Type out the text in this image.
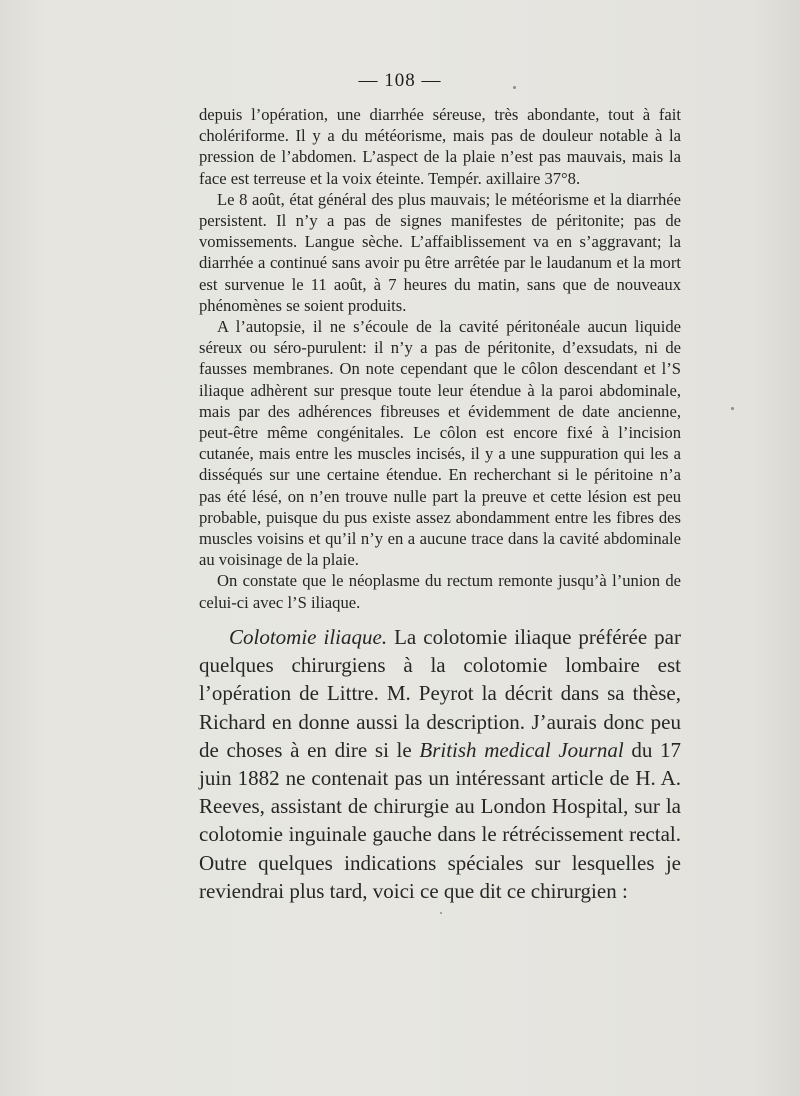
— 108 —

depuis l’opération, une diarrhée séreuse, très abondante, tout à fait cholériforme. Il y a du météorisme, mais pas de douleur notable à la pression de l’abdomen. L’aspect de la plaie n’est pas mauvais, mais la face est terreuse et la voix éteinte. Tempér. axillaire 37°8.

Le 8 août, état général des plus mauvais; le météorisme et la diarrhée persistent. Il n’y a pas de signes manifestes de péritonite; pas de vomissements. Langue sèche. L’affaiblissement va en s’aggravant; la diarrhée a continué sans avoir pu être arrêtée par le laudanum et la mort est survenue le 11 août, à 7 heures du matin, sans que de nouveaux phénomènes se soient produits.

A l’autopsie, il ne s’écoule de la cavité péritonéale aucun liquide séreux ou séro-purulent: il n’y a pas de péritonite, d’exsudats, ni de fausses membranes. On note cependant que le côlon descendant et l’S iliaque adhèrent sur presque toute leur étendue à la paroi abdominale, mais par des adhérences fibreuses et évidemment de date ancienne, peut-être même congénitales. Le côlon est encore fixé à l’incision cutanée, mais entre les muscles incisés, il y a une suppuration qui les a disséqués sur une certaine étendue. En recherchant si le péritoine n’a pas été lésé, on n’en trouve nulle part la preuve et cette lésion est peu probable, puisque du pus existe assez abondamment entre les fibres des muscles voisins et qu’il n’y en a aucune trace dans la cavité abdominale au voisinage de la plaie.

On constate que le néoplasme du rectum remonte jusqu’à l’union de celui-ci avec l’S iliaque.

Colotomie iliaque. La colotomie iliaque préférée par quelques chirurgiens à la colotomie lombaire est l’opération de Littre. M. Peyrot la décrit dans sa thèse, Richard en donne aussi la description. J’aurais donc peu de choses à en dire si le British medical Journal du 17 juin 1882 ne contenait pas un intéressant article de H. A. Reeves, assistant de chirurgie au London Hospital, sur la colotomie inguinale gauche dans le rétrécissement rectal. Outre quelques indications spéciales sur lesquelles je reviendrai plus tard, voici ce que dit ce chirurgien :
